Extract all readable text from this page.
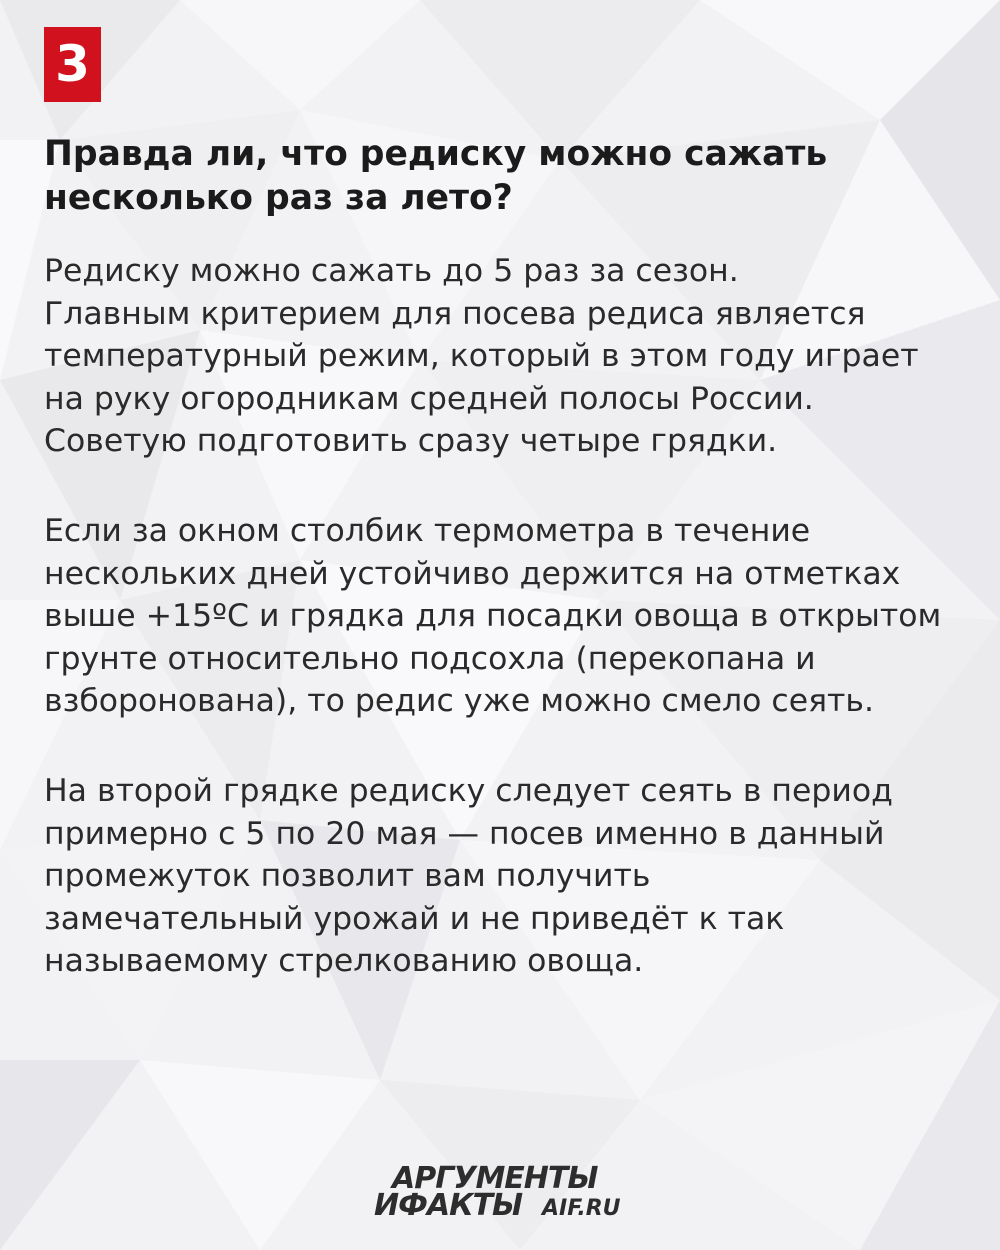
3
Правда ли, что редиску можно сажать
несколько раз за лето?

Редиску можно сажать до 5 раз за сезон.
Главным критерием для посева редиса является
температурный режим, который в этом году играет
на руку огородникам средней полосы России.
Советую подготовить сразу четыре грядки.

Если за окном столбик термометра в течение
нескольких дней устойчиво держится на отметках
выше +15ºС и грядка для посадки овоща в открытом
грунте относительно подсохла (перекопана и
взборонована), то редис уже можно смело сеять.

На второй грядке редиску следует сеять в период
примерно с 5 по 20 мая — посев именно в данный
промежуток позволит вам получить
замечательный урожай и не приведёт к так
называемому стрелкованию овоща.

АРГУМЕНТЫ
ИФАКТЫ AIF.RU
